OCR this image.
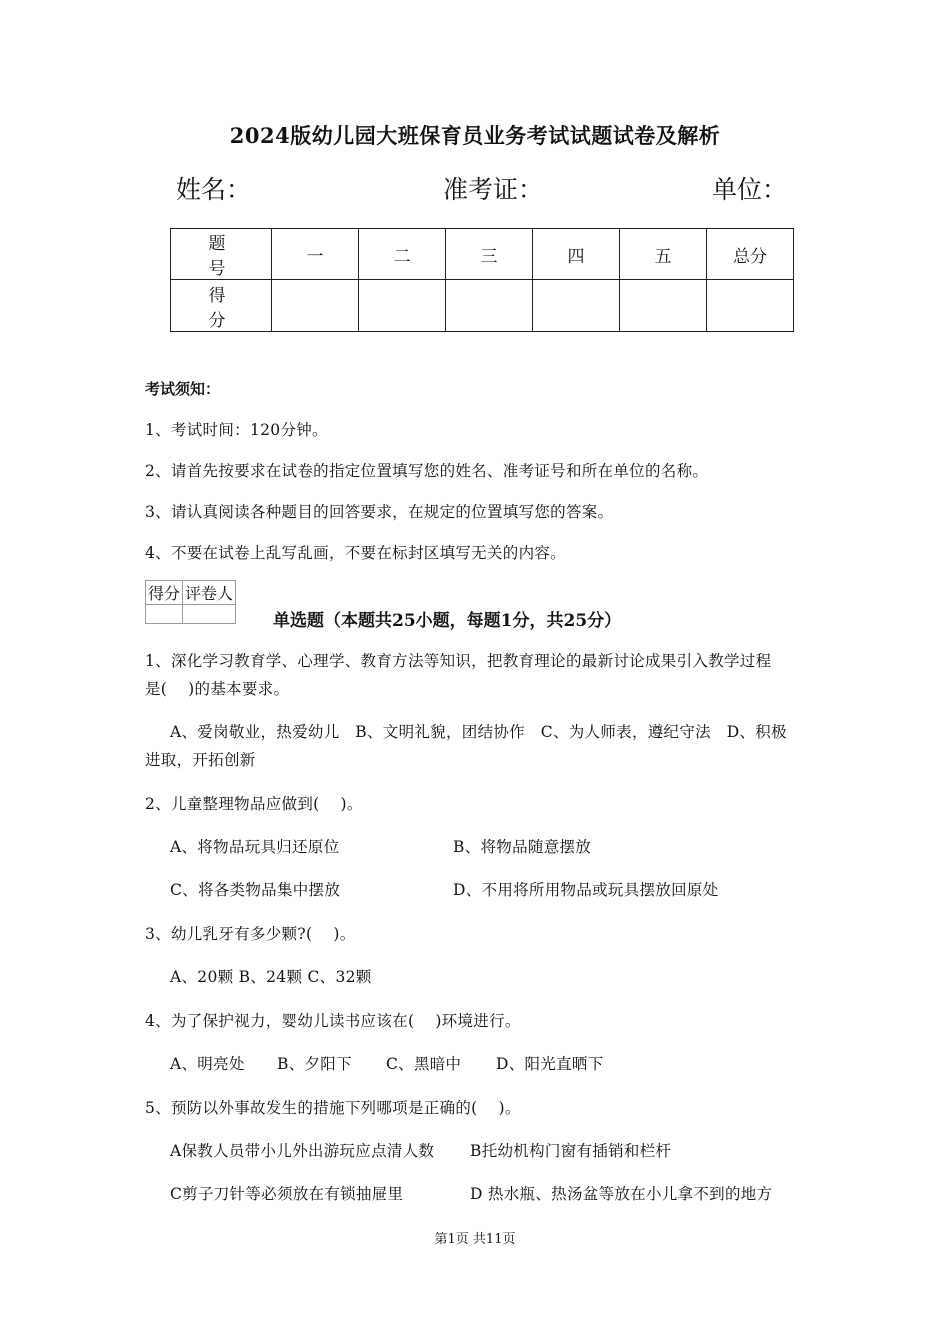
2024版幼儿园大班保育员业务考试试题试卷及解析
姓名：	准考证：	单位：
题　号	一	二	三	四	五	总分
得　分						
考试须知：
1、考试时间：120分钟。
2、请首先按要求在试卷的指定位置填写您的姓名、准考证号和所在单位的名称。
3、请认真阅读各种题目的回答要求，在规定的位置填写您的答案。
4、不要在试卷上乱写乱画，不要在标封区填写无关的内容。
得分	评卷人

单选题（本题共25小题，每题1分，共25分）
1、深化学习教育学、心理学、教育方法等知识，把教育理论的最新讨论成果引入教学过程
是(　 )的基本要求。
A、爱岗敬业，热爱幼儿　B、文明礼貌，团结协作　C、为人师表，遵纪守法　D、积极
进取，开拓创新
2、儿童整理物品应做到(　 )。
A、将物品玩具归还原位	B、将物品随意摆放
C、将各类物品集中摆放	D、不用将所用物品或玩具摆放回原处
3、幼儿乳牙有多少颗?(　 )。
A、20颗 B、24颗 C、32颗
4、为了保护视力，婴幼儿读书应该在(　 )环境进行。
A、明亮处 B、夕阳下 C、黑暗中 D、阳光直晒下
5、预防以外事故发生的措施下列哪项是正确的(　 )。
A保教人员带小儿外出游玩应点清人数 B托幼机构门窗有插销和栏杆
C剪子刀针等必须放在有锁抽屉里	D 热水瓶、热汤盆等放在小儿拿不到的地方
第1页 共11页
